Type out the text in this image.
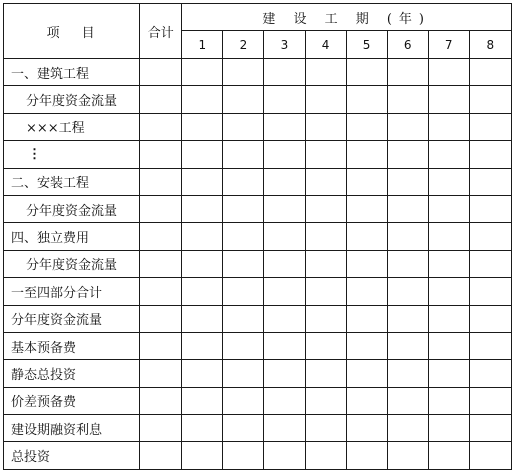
项 目	合计	建 设 工 期 (年)							
		1	2	3	4	5	6	7	8
一、建筑工程									
分年度资金流量									
×××工程									
⋮									
二、安装工程									
分年度资金流量									
四、独立费用									
分年度资金流量									
一至四部分合计									
分年度资金流量									
基本预备费									
静态总投资									
价差预备费									
建设期融资利息									
总投资									
